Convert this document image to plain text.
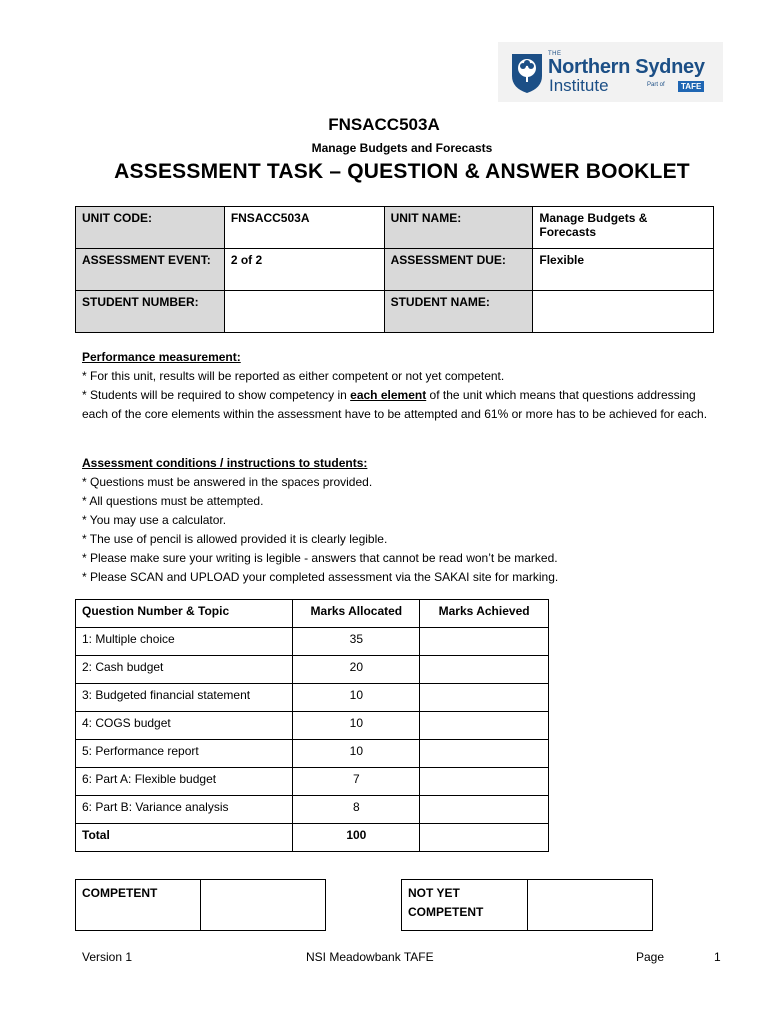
THE
Northern Sydney
Institute	Part of	TAFE
FNSACC503A
Manage Budgets and Forecasts
ASSESSMENT TASK – QUESTION & ANSWER BOOKLET
UNIT CODE:	FNSACC503A	UNIT NAME:	Manage Budgets & Forecasts
ASSESSMENT EVENT:	2 of 2	ASSESSMENT DUE:	Flexible
STUDENT NUMBER:		STUDENT NAME:	
Performance measurement:
* For this unit, results will be reported as either competent or not yet competent.
* Students will be required to show competency in each element of the unit which means that questions addressing each of the core elements within the assessment have to be attempted and 61% or more has to be achieved for each.
Assessment conditions / instructions to students:
* Questions must be answered in the spaces provided.
* All questions must be attempted.
* You may use a calculator.
* The use of pencil is allowed provided it is clearly legible.
* Please make sure your writing is legible - answers that cannot be read won’t be marked.
* Please SCAN and UPLOAD your completed assessment via the SAKAI site for marking.
Question Number & Topic	Marks Allocated	Marks Achieved
1: Multiple choice	35	
2: Cash budget	20	
3: Budgeted financial statement	10	
4: COGS budget	10	
5: Performance report	10	
6: Part A: Flexible budget	7	
6: Part B: Variance analysis	8	
Total	100	
COMPETENT		NOT YET COMPETENT	
Version 1	NSI Meadowbank TAFE	Page	1
